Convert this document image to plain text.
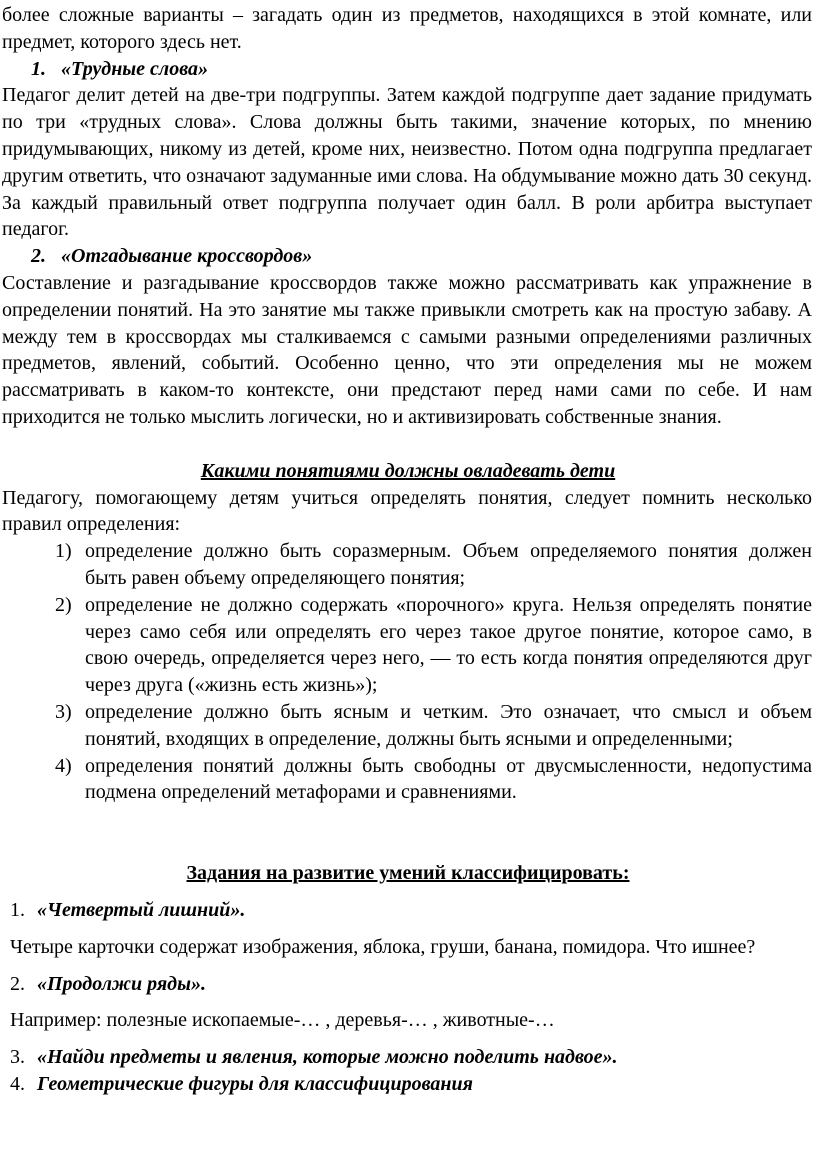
более сложные варианты – загадать один из предметов, находящихся в этой комнате, или предмет, которого здесь нет.

1. «Трудные слова»

Педагог делит детей на две-три подгруппы. Затем каждой подгруппе дает задание придумать по три «трудных слова». Слова должны быть такими, значение которых, по мнению придумывающих, никому из детей, кроме них, неизвестно. Потом одна подгруппа предлагает другим ответить, что означают задуманные ими слова. На обдумывание можно дать 30 секунд. За каждый правильный ответ подгруппа получает один балл. В роли арбитра выступает педагог.

2. «Отгадывание кроссвордов»

Составление и разгадывание кроссвордов также можно рассматривать как упражнение в определении понятий. На это занятие мы также привыкли смотреть как на простую забаву. А между тем в кроссвордах мы сталкиваемся с самыми разными определениями различных предметов, явлений, событий. Особенно ценно, что эти определения мы не можем рассматривать в каком-то контексте, они предстают перед нами сами по себе. И нам приходится не только мыслить логически, но и активизировать собственные знания.

Какими понятиями должны овладевать дети

Педагогу, помогающему детям учиться определять понятия, следует помнить несколько правил определения:

1) определение должно быть соразмерным. Объем определяемого понятия должен быть равен объему определяющего понятия;
2) определение не должно содержать «порочного» круга. Нельзя определять понятие через само себя или определять его через такое другое понятие, которое само, в свою очередь, определяется через него, — то есть когда понятия определяются друг через друга («жизнь есть жизнь»);
3) определение должно быть ясным и четким. Это означает, что смысл и объем понятий, входящих в определение, должны быть ясными и определенными;
4) определения понятий должны быть свободны от двусмысленности, недопустима подмена определений метафорами и сравнениями.

Задания на развитие умений классифицировать:

1. «Четвертый лишний».

Четыре карточки содержат изображения, яблока, груши, банана, помидора. Что ишнее?

2. «Продолжи ряды».

Например: полезные ископаемые-… , деревья-… , животные-…

3. «Найди предметы и явления, которые можно поделить надвое».

4. Геометрические фигуры для классифицирования
